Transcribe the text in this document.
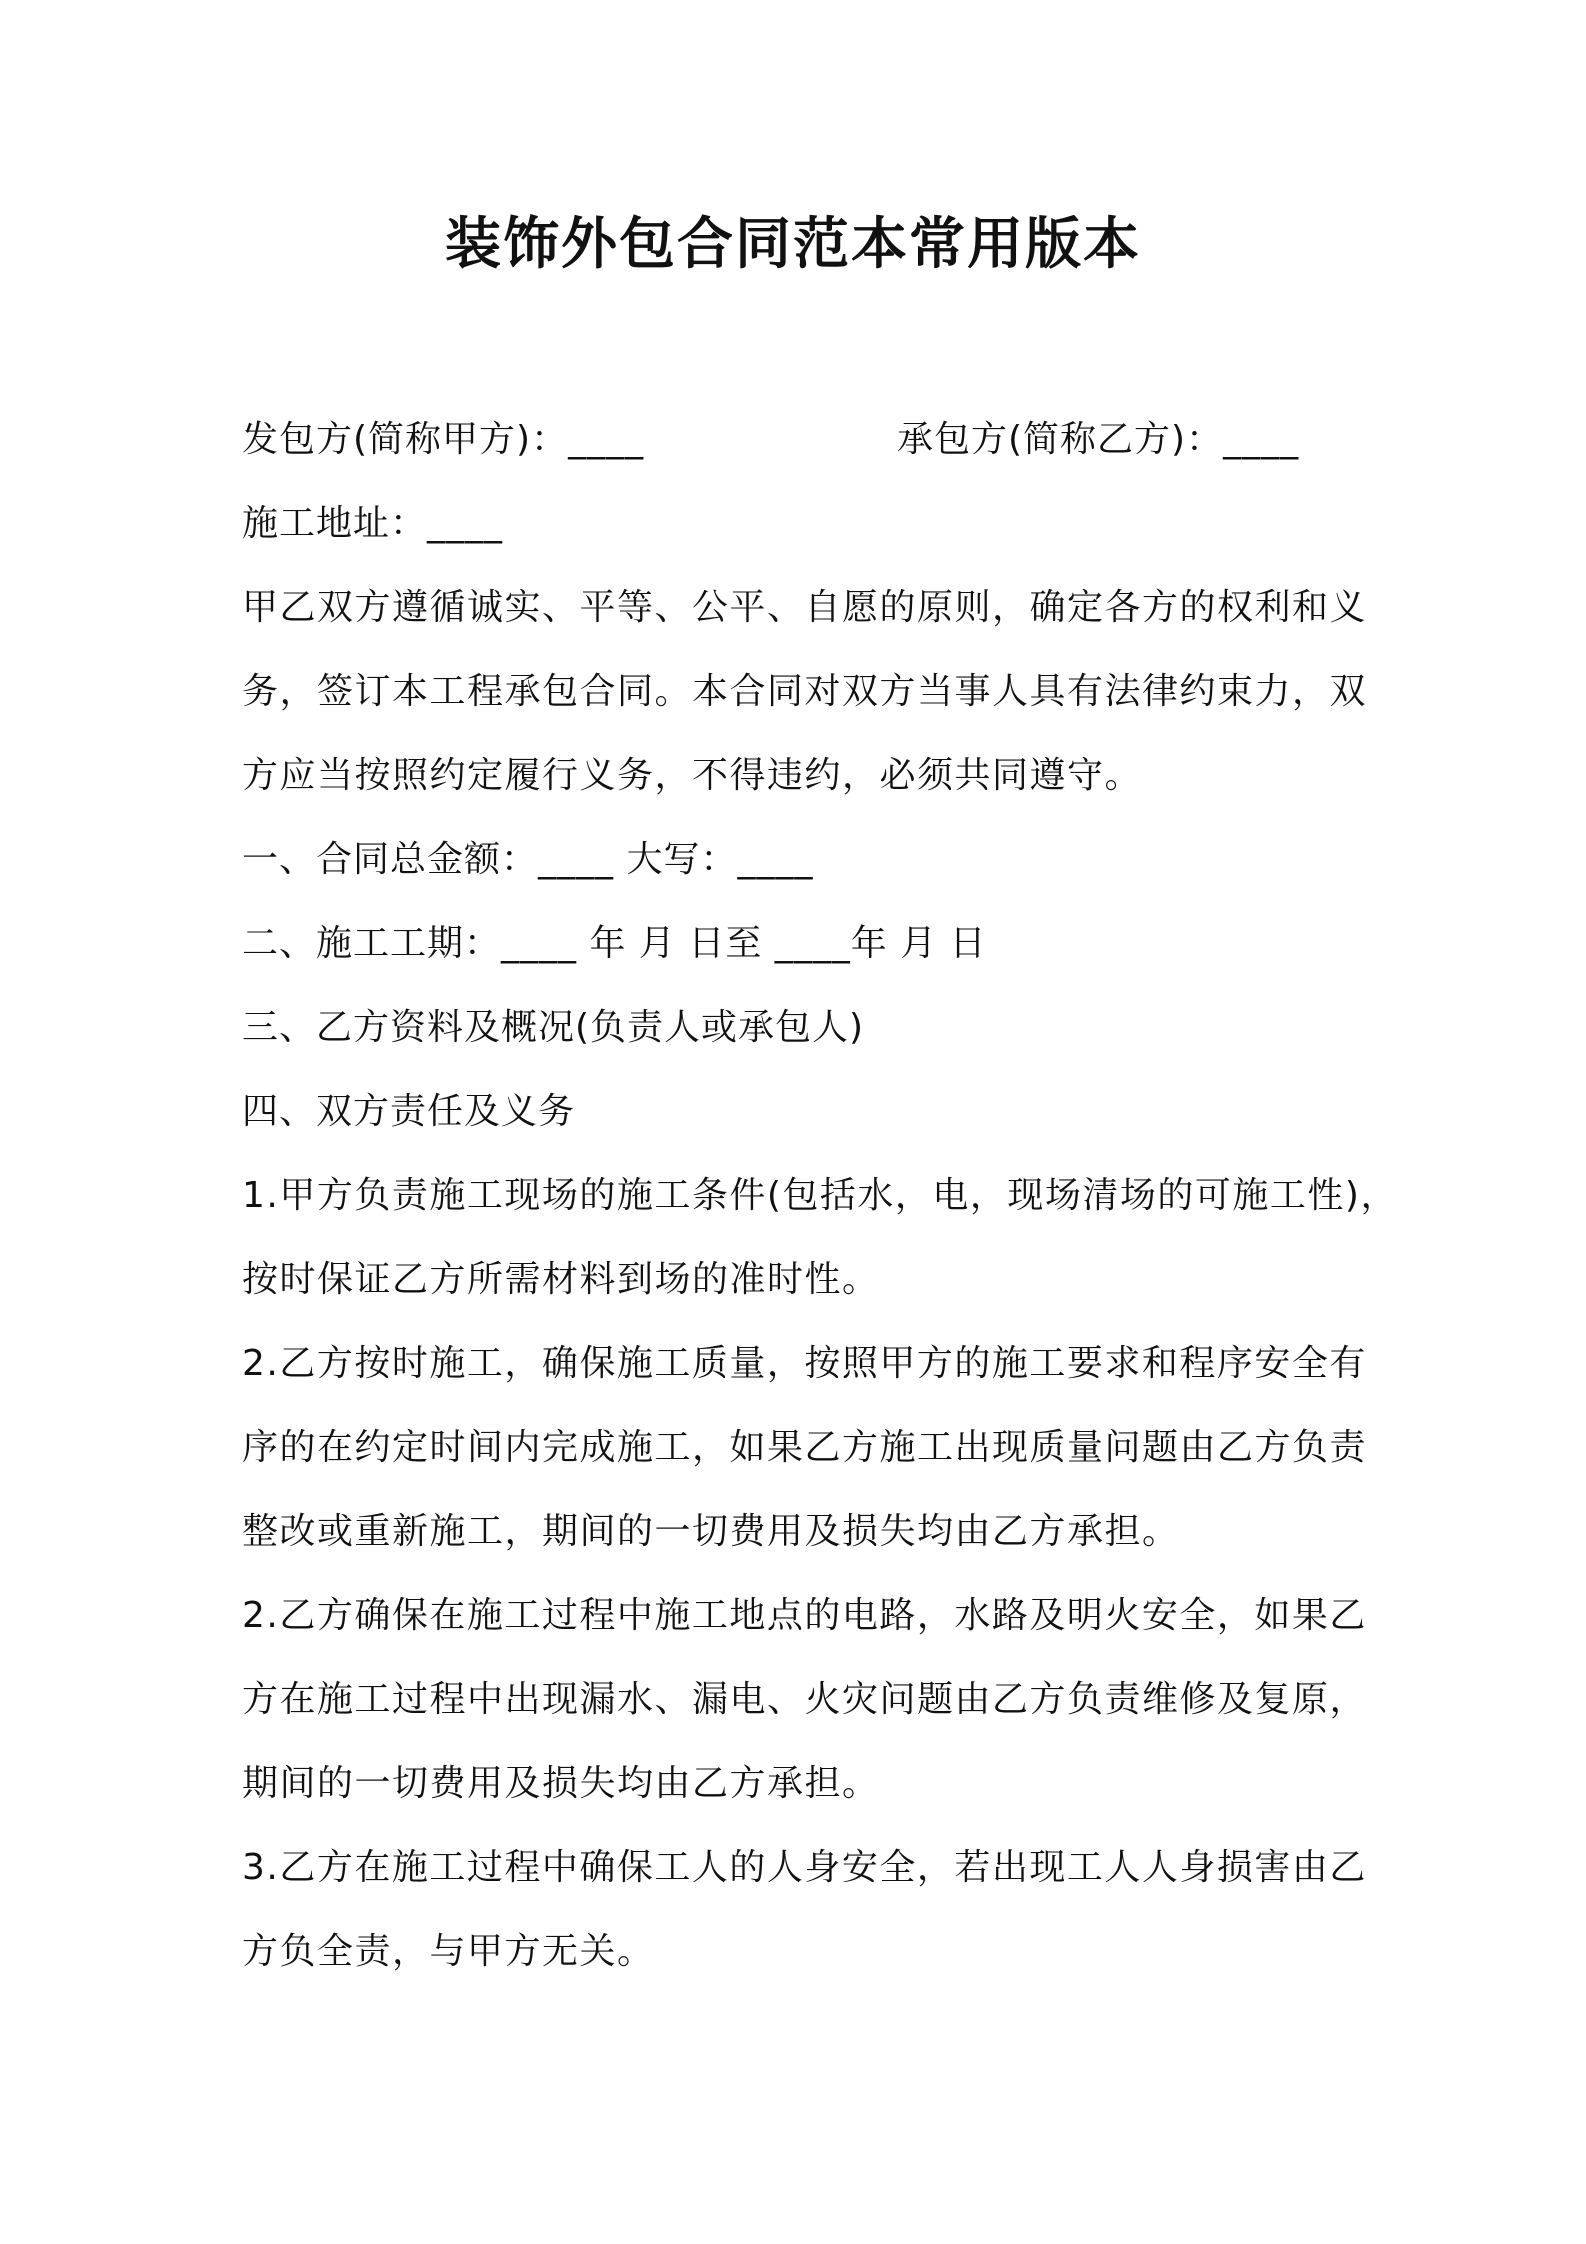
装饰外包合同范本常用版本
发包方(简称甲方)：____	承包方(简称乙方)：____
施工地址：____
甲乙双方遵循诚实、平等、公平、自愿的原则，确定各方的权利和义
务，签订本工程承包合同。本合同对双方当事人具有法律约束力，双
方应当按照约定履行义务，不得违约，必须共同遵守。
一、合同总金额：____ 大写：____
二、施工工期：____ 年 月 日至 ____年 月 日
三、乙方资料及概况(负责人或承包人)
四、双方责任及义务
1.甲方负责施工现场的施工条件(包括水，电，现场清场的可施工性)，
按时保证乙方所需材料到场的准时性。
2.乙方按时施工，确保施工质量，按照甲方的施工要求和程序安全有
序的在约定时间内完成施工，如果乙方施工出现质量问题由乙方负责
整改或重新施工，期间的一切费用及损失均由乙方承担。
2.乙方确保在施工过程中施工地点的电路，水路及明火安全，如果乙
方在施工过程中出现漏水、漏电、火灾问题由乙方负责维修及复原，
期间的一切费用及损失均由乙方承担。
3.乙方在施工过程中确保工人的人身安全，若出现工人人身损害由乙
方负全责，与甲方无关。
